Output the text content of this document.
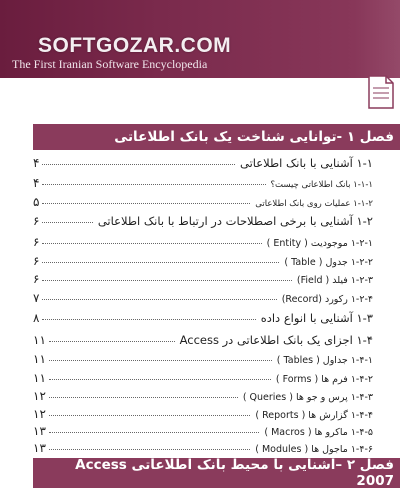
SOFTGOZAR.COM
The First Iranian Software Encyclopedia
فصل ۱ -توانایی شناخت یک بانک اطلاعاتی
۱-۱ آشنایی با بانک اطلاعاتی
۴
۱-۱-۱ بانک اطلاعاتی چیست؟
۴
۱-۱-۲ عملیات روی بانک اطلاعاتی
۵
۱-۲ آشنایی با برخی اصطلاحات در ارتباط با بانک اطلاعاتی
۶
۱-۲-۱ موجودیت ( Entity )
۶
۱-۲-۲ جدول ( Table )
۶
۱-۲-۳ فیلد ( Field)
۶
۱-۲-۴ رکورد (Record)
۷
۱-۳ آشنایی با انواع داده
۸
۱-۴ اجزای یک بانک اطلاعاتی در Access
۱۱
۱-۴-۱ جداول ( Tables )
۱۱
۱-۴-۲ فرم ها ( Forms )
۱۱
۱-۴-۳ پرس و جو ها ( Queries )
۱۲
۱-۴-۴ گزارش ها ( Reports )
۱۲
۱-۴-۵ ماکرو ها ( Macros )
۱۳
۱-۴-۶ ماجول ها ( Modules )
۱۳
فصل ۲ –آشنایی با محیط بانک اطلاعاتی Access 2007
